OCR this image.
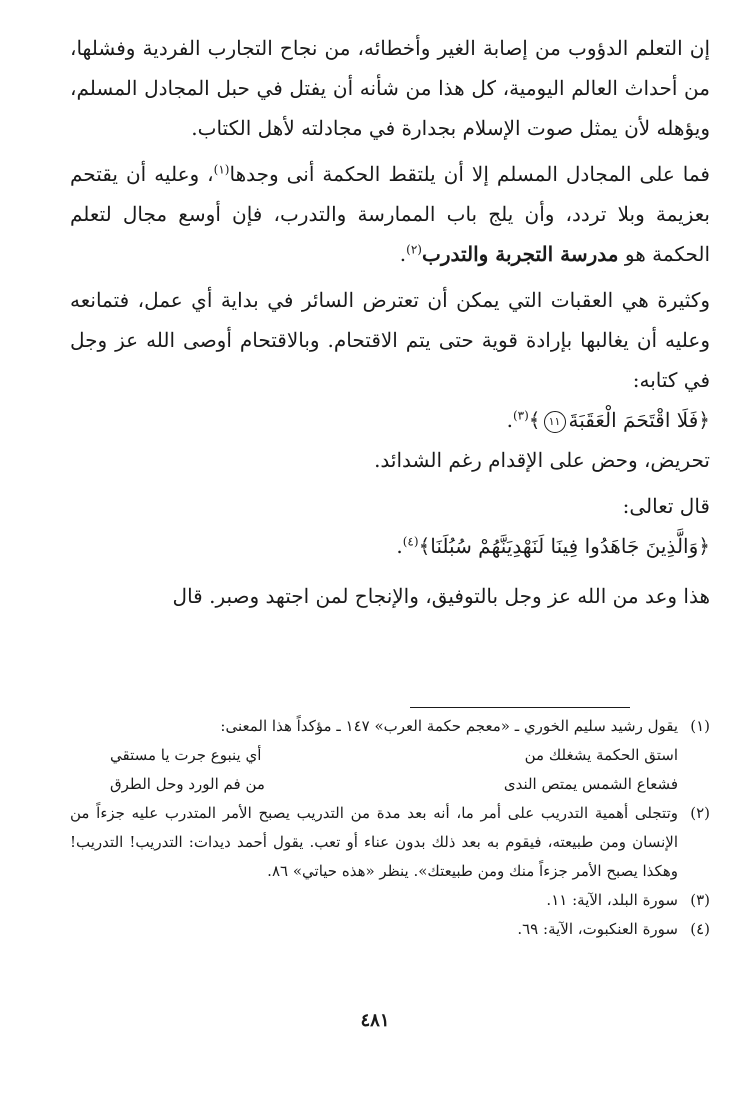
إن التعلم الدؤوب من إصابة الغير وأخطائه، من نجاح التجارب الفردية وفشلها، من أحداث العالم اليومية، كل هذا من شأنه أن يفتل في حبل المجادل المسلم، ويؤهله لأن يمثل صوت الإسلام بجدارة في مجادلته لأهل الكتاب.

فما على المجادل المسلم إلا أن يلتقط الحكمة أنى وجدها$^{(١)}$، وعليه أن يقتحم بعزيمة وبلا تردد، وأن يلج باب الممارسة والتدرب، فإن أوسع مجال لتعلم الحكمة هو مدرسة التجربة والتدرب$^{(٢)}$.

وكثيرة هي العقبات التي يمكن أن تعترض السائر في بداية أي عمل، فتمانعه وعليه أن يغالبها بإرادة قوية حتى يتم الاقتحام. وبالاقتحام أوصى الله عز وجل في كتابه:

﴿فَلَا اقْتَحَمَ الْعَقَبَةَ١١﴾$^{(٣)}$.

تحريض، وحض على الإقدام رغم الشدائد.

قال تعالى:

﴿وَالَّذِينَ جَاهَدُوا فِينَا لَنَهْدِيَنَّهُمْ سُبُلَنَا﴾$^{(٤)}$.

هذا وعد من الله عز وجل بالتوفيق، والإنجاح لمن اجتهد وصبر. قال

(١)
يقول رشيد سليم الخوري ـ «معجم حكمة العرب» ١٤٧ ـ مؤكداً هذا المعنى:
استق الحكمة يشغلك من
أي ينبوع جرت يا مستقي
فشعاع الشمس يمتص الندى
من فم الورد وحل الطرق
(٢)
وتتجلى أهمية التدريب على أمر ما، أنه بعد مدة من التدريب يصبح الأمر المتدرب عليه جزءاً من الإنسان ومن طبيعته، فيقوم به بعد ذلك بدون عناء أو تعب. يقول أحمد ديدات: التدريب! التدريب! وهكذا يصبح الأمر جزءاً منك ومن طبيعتك». ينظر «هذه حياتي» ٨٦.
(٣)
سورة البلد، الآية: ١١.
(٤)
سورة العنكبوت، الآية: ٦٩.
٤٨١
